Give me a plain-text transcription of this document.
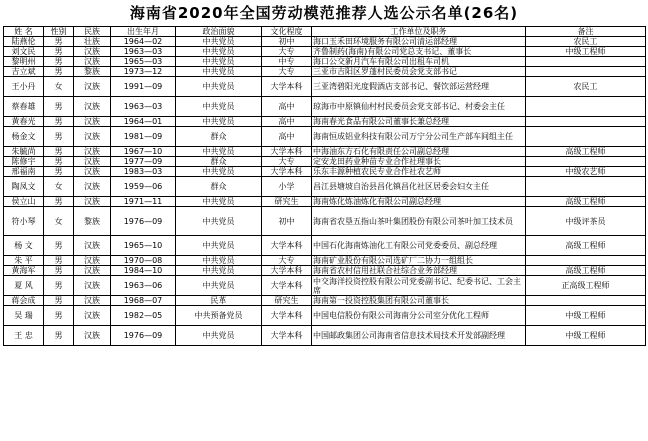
海南省2020年全国劳动模范推荐人选公示名单(26名)
姓 名	性别	民族	出生年月	政治面貌	文化程度	工作单位及职务	备注
陆燕伦	男	壮族	1964—02	中共党员	初中	海口玉禾田环境服务有限公司清运部经理	农民工
刘文民	男	汉族	1963—03	中共党员	大专	齐鲁制药(海南)有限公司党总支书记、董事长	中级工程师
黎明州	男	汉族	1965—03	中共党员	中专	海口公交新月汽车有限公司出租车司机	
吉立斌	男	黎族	1973—12	中共党员	大专	三亚市吉阳区罗蓬村民委员会党支部书记	
王小丹	女	汉族	1991—09	中共党员	大学本科	三亚湾碧阳光度假酒店支部书记、餐饮部运营经理	农民工
蔡春雄	男	汉族	1963—03	中共党员	高中	琼海市中原镇仙村村民委员会党支部书记、村委会主任	
黄春光	男	汉族	1964—01	中共党员	高中	海南春光食品有限公司董事长兼总经理	
杨金文	男	汉族	1981—09	群众	高中	海南恒成铝业科技有限公司万宁分公司生产部车间组主任	
朱毓尚	男	汉族	1967—10	中共党员	大学本科	中海油东方石化有限责任公司副总经理	高级工程师
陈修宇	男	汉族	1977—09	群众	大专	定安龙田药业种苗专业合作社理事长	
邢福南	男	汉族	1983—03	中共党员	大学本科	乐东丰源种植农民专业合作社农艺师	中级农艺师
陶凤文	女	汉族	1959—06	群众	小学	昌江县塘坡自治县昌化镇昌化社区居委会妇女主任	
侯立山	男	汉族	1971—11	中共党员	研究生	海南炼化炼油炼化有限公司副总经理	高级工程师
符小琴	女	黎族	1976—09	中共党员	初中	海南省农垦五指山茶叶集团股份有限公司茶叶加工技术员	中级评茶员
杨 文	男	汉族	1965—10	中共党员	大学本科	中国石化海南炼油化工有限公司党委委员、副总经理	高级工程师
朱 平	男	汉族	1970—08	中共党员	大专	海南矿业股份有限公司选矿厂二协力一组组长	
黄海军	男	汉族	1984—10	中共党员	大学本科	海南省农村信用社联合社综合业务部经理	高级工程师
夏 风	男	汉族	1963—06	中共党员	大学本科	中交海洋投资控股有限公司党委副书记、纪委书记、工会主席	正高级工程师
蒋会成	男	汉族	1968—07	民革	研究生	海南第一投资控股集团有限公司董事长	
吴 瑞	男	汉族	1982—05	中共预备党员	大学本科	中国电信股份有限公司海南分公司室分优化工程师	中级工程师
王 忠	男	汉族	1976—09	中共党员	大学本科	中国邮政集团公司海南省信息技术局技术开发部副经理	中级工程师
